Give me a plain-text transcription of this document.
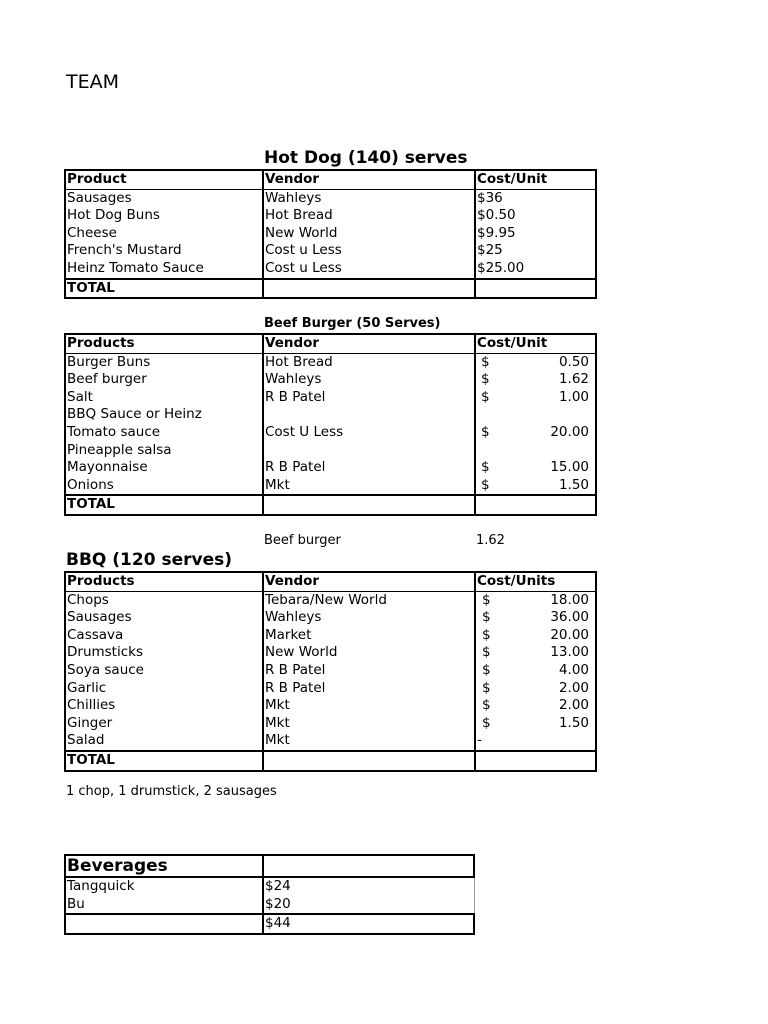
TEAM
Hot Dog (140) serves
Product	Vendor	Cost/Unit
Sausages	Wahleys	$36
Hot Dog Buns	Hot Bread	$0.50
Cheese	New World	$9.95
French's Mustard	Cost u Less	$25
Heinz Tomato Sauce	Cost u Less	$25.00
TOTAL		
Beef Burger (50 Serves)
Products	Vendor	Cost/Unit
Burger Buns	Hot Bread	$ 0.50

Beef burger	Wahleys	$ 1.62

Salt	R B Patel	$ 1.00

BBQ Sauce or Heinz		

Tomato sauce	Cost U Less	$ 20.00

Pineapple salsa		

Mayonnaise	R B Patel	$ 15.00

Onions	Mkt	$ 1.50

TOTAL		
Beef burger	1.62
BBQ (120 serves)
Products	Vendor	Cost/Units
Chops	Tebara/New World	$ 18.00

Sausages	Wahleys	$ 36.00

Cassava	Market	$ 20.00

Drumsticks	New World	$ 13.00

Soya sauce	R B Patel	$ 4.00

Garlic	R B Patel	$ 2.00

Chillies	Mkt	$ 2.00

Ginger	Mkt	$ 1.50

Salad	Mkt	-
TOTAL		
1 chop, 1 drumstick, 2 sausages
Beverages	
Tangquick	$24
Bu	$20
	$44
